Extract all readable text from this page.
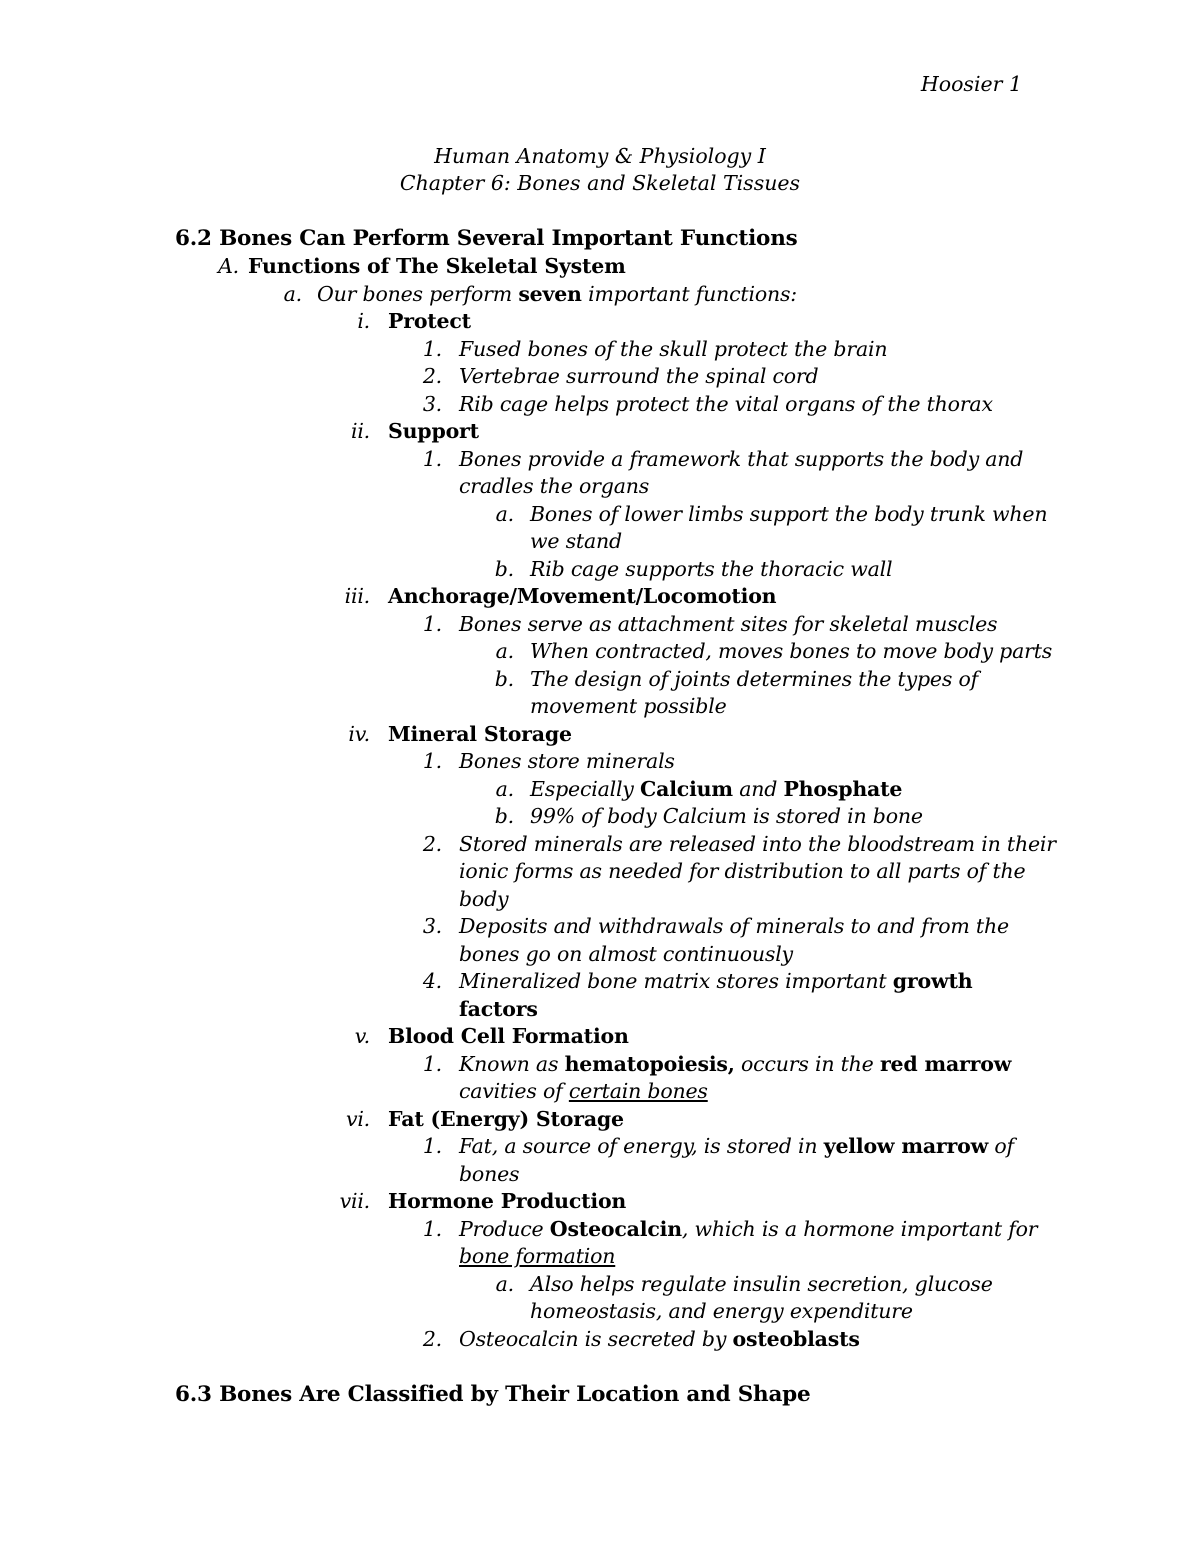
Hoosier 1
Human Anatomy & Physiology I
Chapter 6: Bones and Skeletal Tissues
6.2 Bones Can Perform Several Important Functions
A. Functions of The Skeletal System
a. Our bones perform seven important functions:
i. Protect
1. Fused bones of the skull protect the brain
2. Vertebrae surround the spinal cord
3. Rib cage helps protect the vital organs of the thorax
ii. Support
1. Bones provide a framework that supports the body and
cradles the organs
a. Bones of lower limbs support the body trunk when
we stand
b. Rib cage supports the thoracic wall
iii. Anchorage/Movement/Locomotion
1. Bones serve as attachment sites for skeletal muscles
a. When contracted, moves bones to move body parts
b. The design of joints determines the types of
movement possible
iv. Mineral Storage
1. Bones store minerals
a. Especially Calcium and Phosphate
b. 99% of body Calcium is stored in bone
2. Stored minerals are released into the bloodstream in their
ionic forms as needed for distribution to all parts of the
body
3. Deposits and withdrawals of minerals to and from the
bones go on almost continuously
4. Mineralized bone matrix stores important growth
factors
v. Blood Cell Formation
1. Known as hematopoiesis, occurs in the red marrow
cavities of certain bones
vi. Fat (Energy) Storage
1. Fat, a source of energy, is stored in yellow marrow of
bones
vii. Hormone Production
1. Produce Osteocalcin, which is a hormone important for
bone formation
a. Also helps regulate insulin secretion, glucose
homeostasis, and energy expenditure
2. Osteocalcin is secreted by osteoblasts
6.3 Bones Are Classified by Their Location and Shape
